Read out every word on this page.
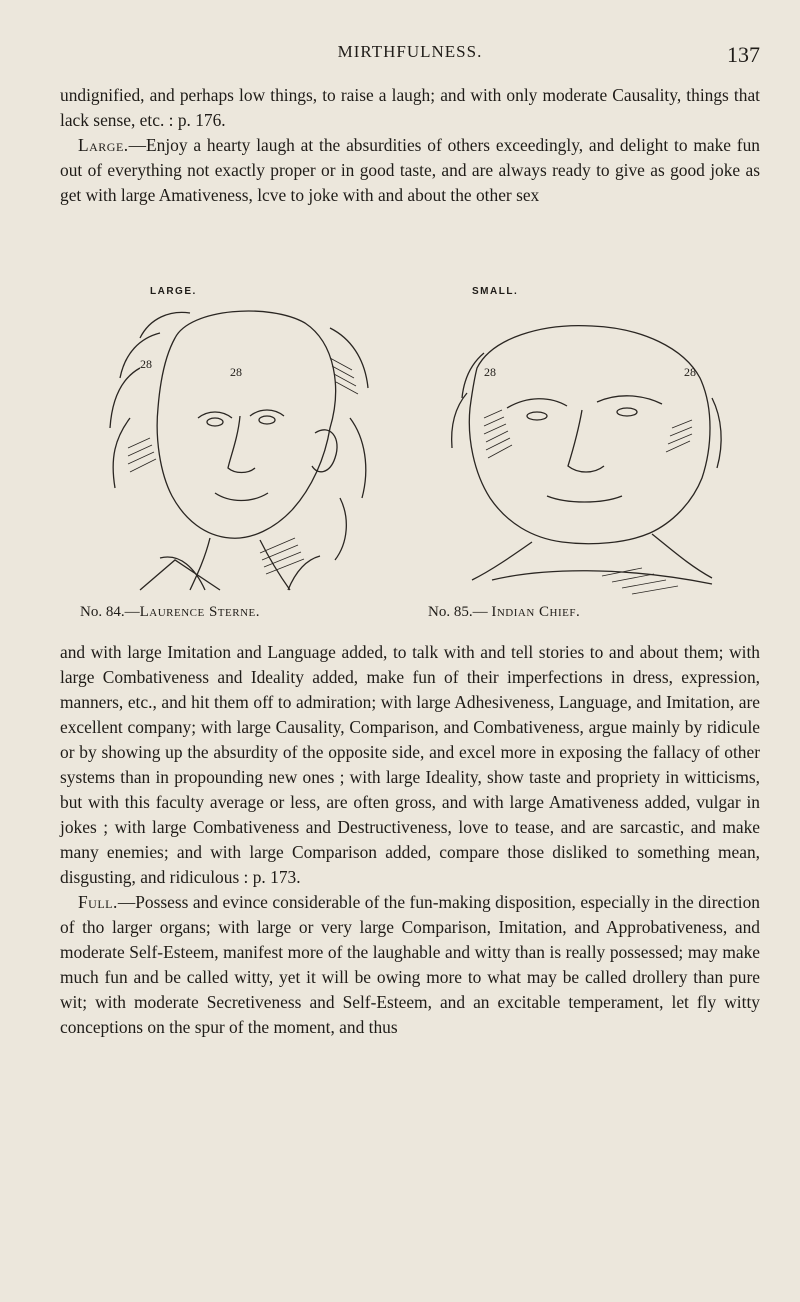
MIRTHFULNESS.	137

undignified, and perhaps low things, to raise a laugh; and with only moderate Causality, things that lack sense, etc. : p. 176.

Large.—Enjoy a hearty laugh at the absurdities of others exceedingly, and delight to make fun out of everything not exactly proper or in good taste, and are always ready to give as good joke as get with large Amativeness, lcve to joke with and about the other sex

LARGE.
28
28
No. 84.—Laurence Sterne.
SMALL.
28	28
No. 85.— Indian Chief.

and with large Imitation and Language added, to talk with and tell stories to and about them; with large Combativeness and Ideality added, make fun of their imperfections in dress, expression, manners, etc., and hit them off to admiration; with large Adhesiveness, Language, and Imitation, are excellent company; with large Causality, Comparison, and Combativeness, argue mainly by ridicule or by showing up the absurdity of the opposite side, and excel more in exposing the fallacy of other systems than in propounding new ones ; with large Ideality, show taste and propriety in witticisms, but with this faculty average or less, are often gross, and with large Amativeness added, vulgar in jokes ; with large Combativeness and Destructiveness, love to tease, and are sarcastic, and make many enemies; and with large Comparison added, compare those disliked to something mean, disgusting, and ridiculous : p. 173.

Full.—Possess and evince considerable of the fun-making disposition, especially in the direction of tho larger organs; with large or very large Comparison, Imitation, and Approbativeness, and moderate Self-Esteem, manifest more of the laughable and witty than is really possessed; may make much fun and be called witty, yet it will be owing more to what may be called drollery than pure wit; with moderate Secretiveness and Self-Esteem, and an excitable temperament, let fly witty conceptions on the spur of the moment, and thus
